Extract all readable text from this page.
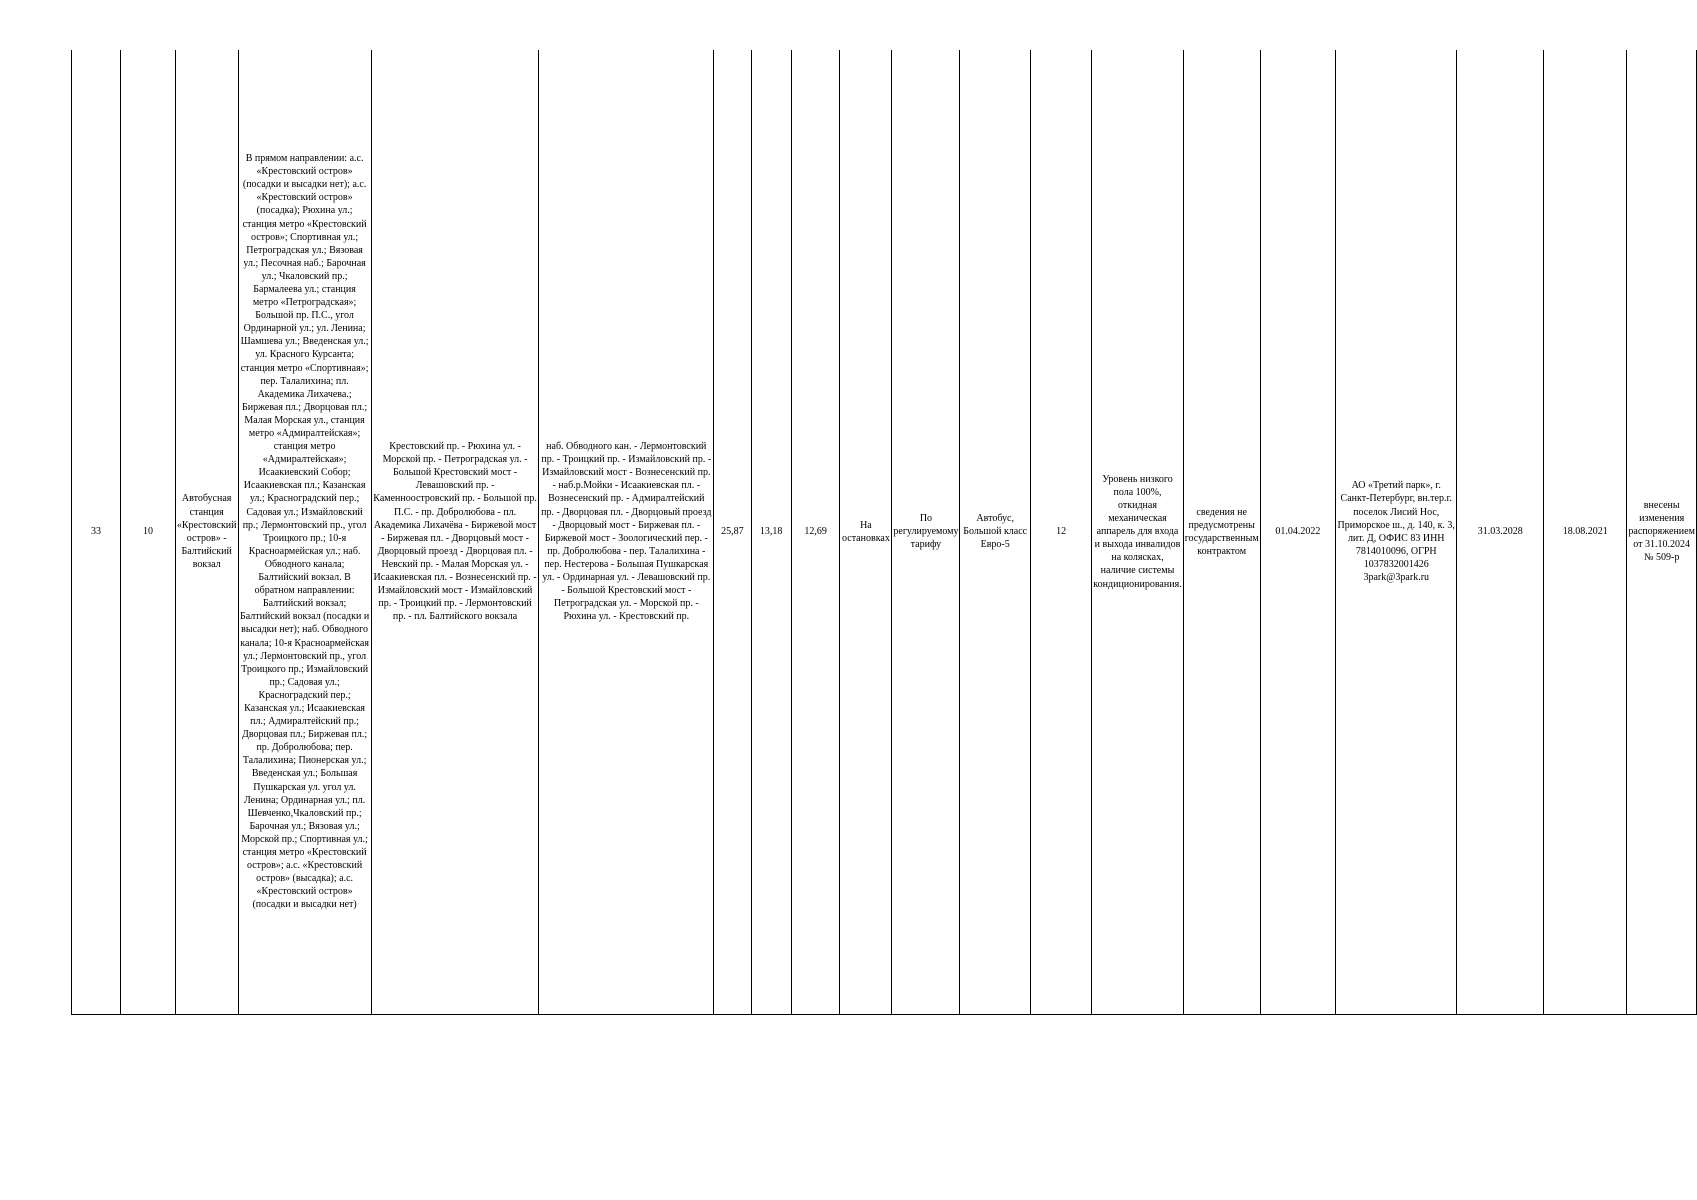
33	10	Автобусная станция «Крестовский остров» - Балтийский вокзал	В прямом направлении: а.с. «Крестовский остров» (посадки и высадки нет); а.с. «Крестовский остров» (посадка); Рюхина ул.; станция метро «Крестовский остров»; Спортивная ул.; Петроградская ул.; Вязовая ул.; Песочная наб.; Барочная ул.; Чкаловский пр.; Бармалеева ул.; станция метро «Петроградская»; Большой пр. П.С., угол Ординарной ул.; ул. Ленина; Шамшева ул.; Введенская ул.; ул. Красного Курсанта; станция метро «Спортивная»; пер. Талалихина; пл. Академика Лихачева.; Биржевая пл.; Дворцовая пл.; Малая Морская ул., станция метро «Адмиралтейская»; станция метро «Адмиралтейская»; Исаакиевский Собор; Исаакиевская пл.; Казанская ул.; Красноградский пер.; Садовая ул.; Измайловский пр.; Лермонтовский пр., угол Троицкого пр.; 10-я Красноармейская ул.; наб. Обводного канала; Балтийский вокзал. В обратном направлении: Балтийский вокзал; Балтийский вокзал (посадки и высадки нет); наб. Обводного канала; 10-я Красноармейская ул.; Лермонтовский пр., угол Троицкого пр.; Измайловский пр.; Садовая ул.; Красноградский пер.; Казанская ул.; Исаакиевская пл.; Адмиралтейский пр.; Дворцовая пл.; Биржевая пл.; пр. Добролюбова; пер. Талалихина; Пионерская ул.; Введенская ул.; Большая Пушкарская ул. угол ул. Ленина; Ординарная ул.; пл. Шевченко,Чкаловский пр.; Барочная ул.; Вязовая ул.; Морской пр.; Спортивная ул.; станция метро «Крестовский остров»; а.с. «Крестовский остров» (высадка); а.с. «Крестовский остров» (посадки и высадки нет)	Крестовский пр. - Рюхина ул. - Морской пр. - Петроградская ул. - Большой Крестовский мост - Левашовский пр. - Каменноостровский пр. - Большой пр. П.С. - пр. Добролюбова - пл. Академика Лихачёва - Биржевой мост - Биржевая пл. - Дворцовый мост - Дворцовый проезд - Дворцовая пл. - Невский пр. - Малая Морская ул. - Исаакиевская пл. - Вознесенский пр. - Измайловский мост - Измайловский пр. - Троицкий пр. - Лермонтовский пр. - пл. Балтийского вокзала	наб. Обводного кан. - Лермонтовский пр. - Троицкий пр. - Измайловский пр. - Измайловский мост - Вознесенский пр. - наб.р.Мойки - Исаакиевская пл. - Вознесенский пр. - Адмиралтейский пр. - Дворцовая пл. - Дворцовый проезд - Дворцовый мост - Биржевая пл. - Биржевой мост - Зоологический пер. - пр. Добролюбова - пер. Талалихина - пер. Нестерова - Большая Пушкарская ул. - Ординарная ул. - Левашовский пр. - Большой Крестовский мост - Петроградская ул. - Морской пр. - Рюхина ул. - Крестовский пр.	25,87	13,18	12,69	На остановках	По регулируемому тарифу	Автобус, Большой класс Евро-5	12	Уровень низкого пола 100%, откидная механическая аппарель для входа и выхода инвалидов на колясках, наличие системы кондиционирования.	сведения не предусмотрены государственным контрактом	01.04.2022	АО «Третий парк», г. Санкт-Петербург, вн.тер.г. поселок Лисий Нос, Приморское ш., д. 140, к. 3, лит. Д, ОФИС 83 ИНН 7814010096, ОГРН 1037832001426 3park@3park.ru	31.03.2028	18.08.2021	внесены изменения распоряжением от 31.10.2024 № 509-р
